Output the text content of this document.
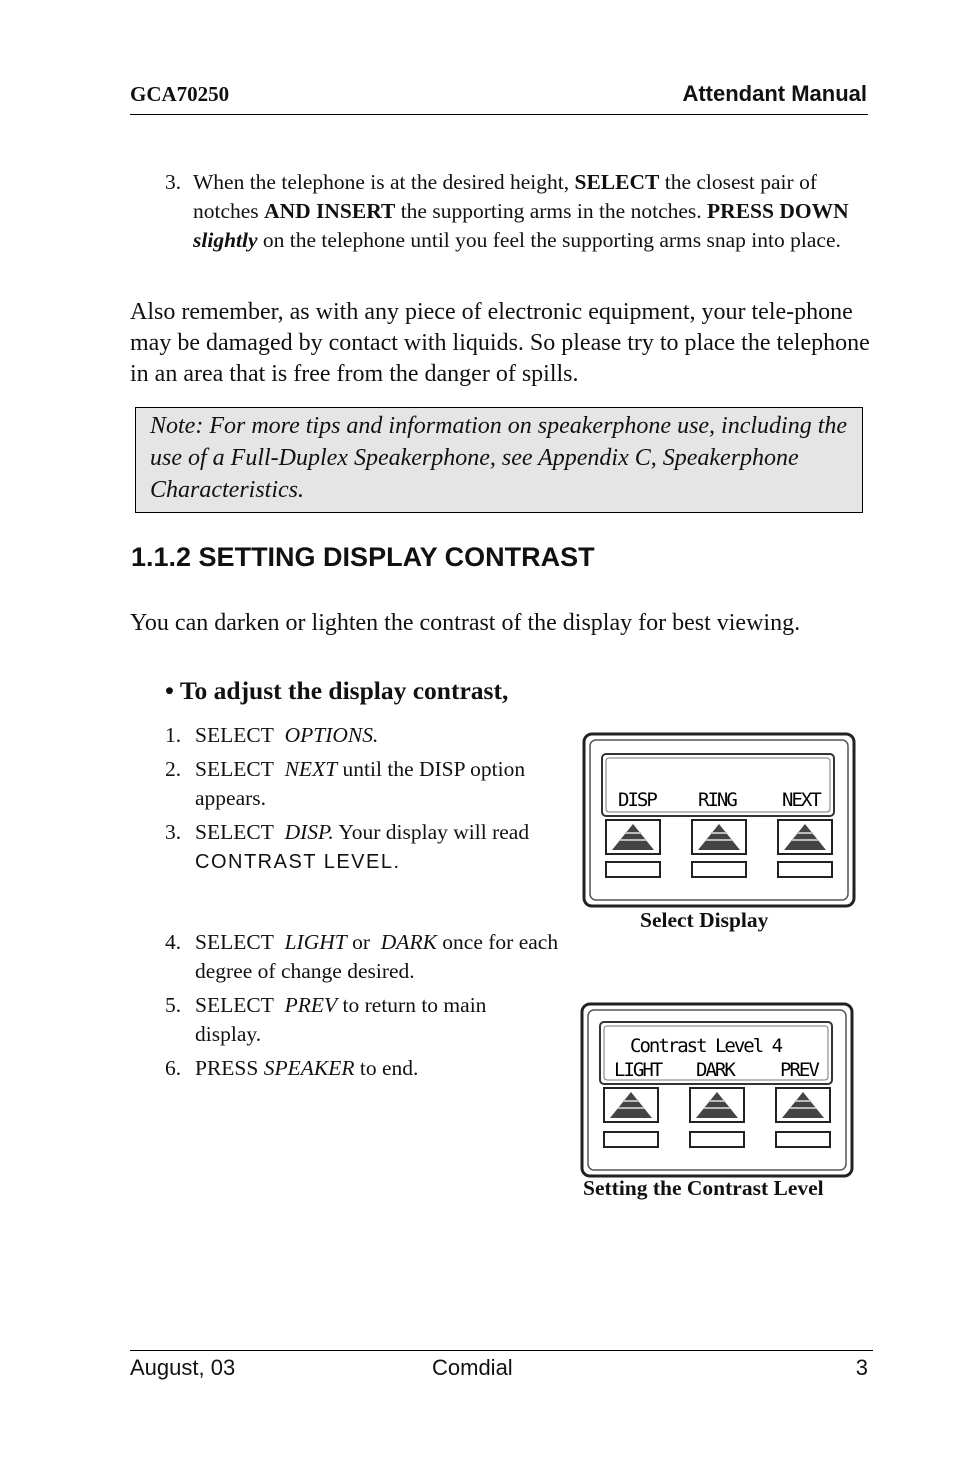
GCA70250	Attendant Manual
3. When the telephone is at the desired height, SELECT the closest pair of notches AND INSERT the supporting arms in the notches. PRESS DOWN slightly on the telephone until you feel the supporting arms snap into place.
Also remember, as with any piece of electronic equipment, your tele-phone may be damaged by contact with liquids. So please try to place the telephone in an area that is free from the danger of spills.
Note: For more tips and information on speakerphone use, including the use of a Full-Duplex Speakerphone, see Appendix C, Speakerphone Characteristics.
1.1.2 SETTING DISPLAY CONTRAST
You can darken or lighten the contrast of the display for best viewing.
• To adjust the display contrast,
1. SELECT OPTIONS.
2. SELECT NEXT until the DISP option appears.
3. SELECT DISP. Your display will read CONTRAST LEVEL.
4. SELECT LIGHT or DARK once for each degree of change desired.
5. SELECT PREV to return to main display.
6. PRESS SPEAKER to end.
DISP RING NEXT
Select Display
Contrast Level 4
LIGHT DARK PREV
Setting the Contrast Level
August, 03	Comdial	3
